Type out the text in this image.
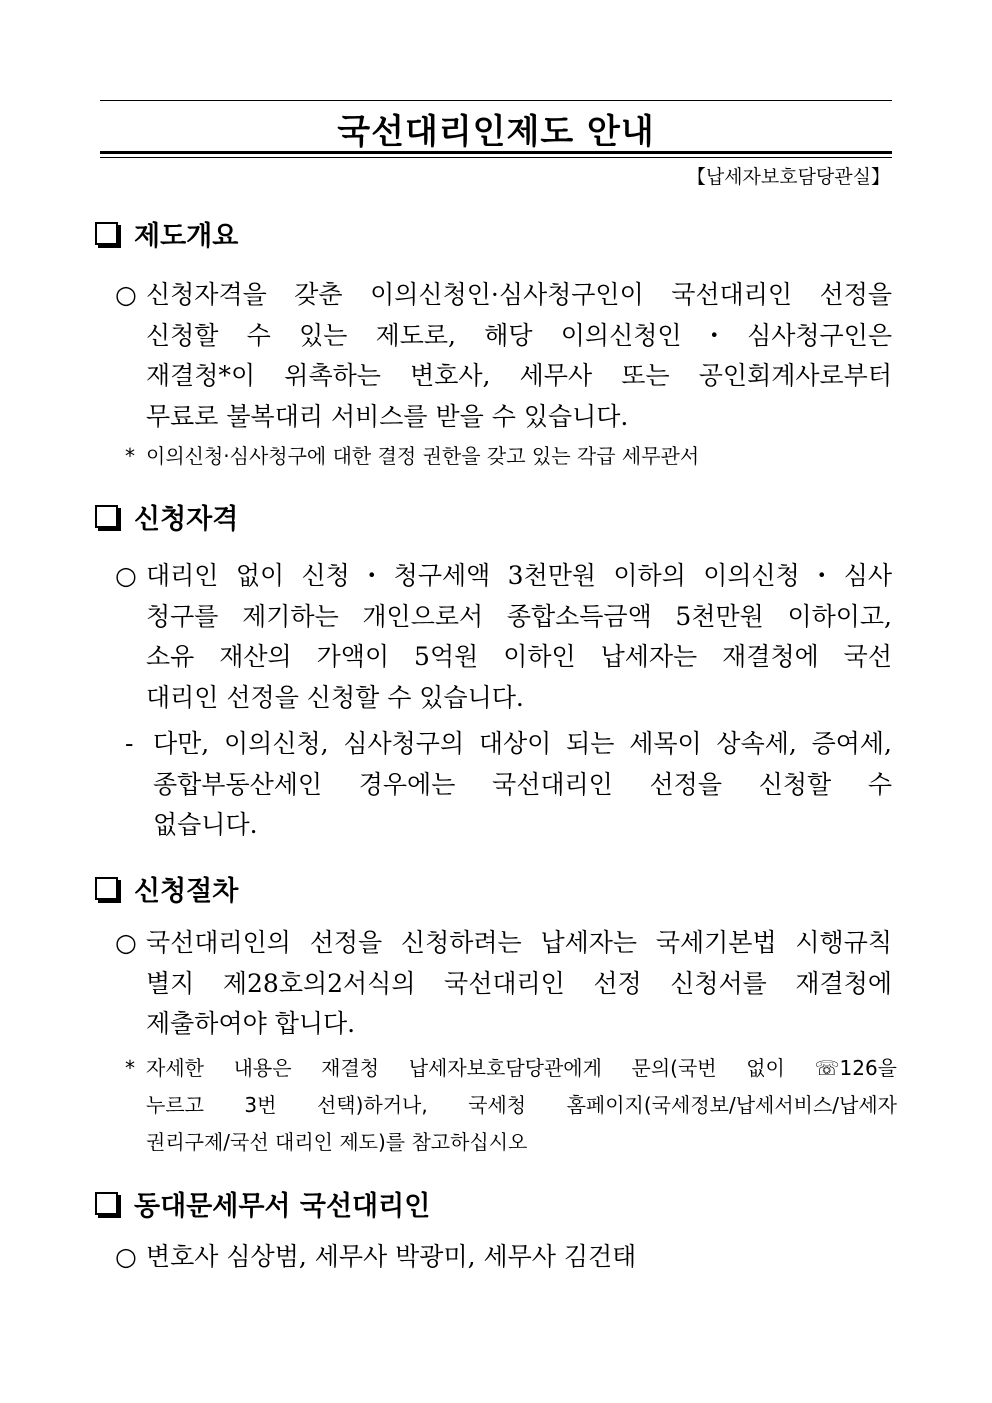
국선대리인제도 안내
【납세자보호담당관실】
제도개요
○ 신청자격을 갖춘 이의신청인·심사청구인이 국선대리인 선정을
신청할 수 있는 제도로, 해당 이의신청인・심사청구인은
재결청*이 위촉하는 변호사, 세무사 또는 공인회계사로부터
무료로 불복대리 서비스를 받을 수 있습니다.
* 이의신청·심사청구에 대한 결정 권한을 갖고 있는 각급 세무관서
신청자격
○ 대리인 없이 신청・청구세액 3천만원 이하의 이의신청・심사
청구를 제기하는 개인으로서 종합소득금액 5천만원 이하이고,
소유 재산의 가액이 5억원 이하인 납세자는 재결청에 국선
대리인 선정을 신청할 수 있습니다.
- 다만, 이의신청, 심사청구의 대상이 되는 세목이 상속세, 증여세,
종합부동산세인 경우에는 국선대리인 선정을 신청할 수
없습니다.
신청절차
○ 국선대리인의 선정을 신청하려는 납세자는 국세기본법 시행규칙
별지 제28호의2서식의 국선대리인 선정 신청서를 재결청에
제출하여야 합니다.
* 자세한 내용은 재결청 납세자보호담당관에게 문의(국번 없이 ☏126을
누르고 3번 선택)하거나, 국세청 홈페이지(국세정보/납세서비스/납세자
권리구제/국선 대리인 제도)를 참고하십시오
동대문세무서 국선대리인
○ 변호사 심상범, 세무사 박광미, 세무사 김건태
